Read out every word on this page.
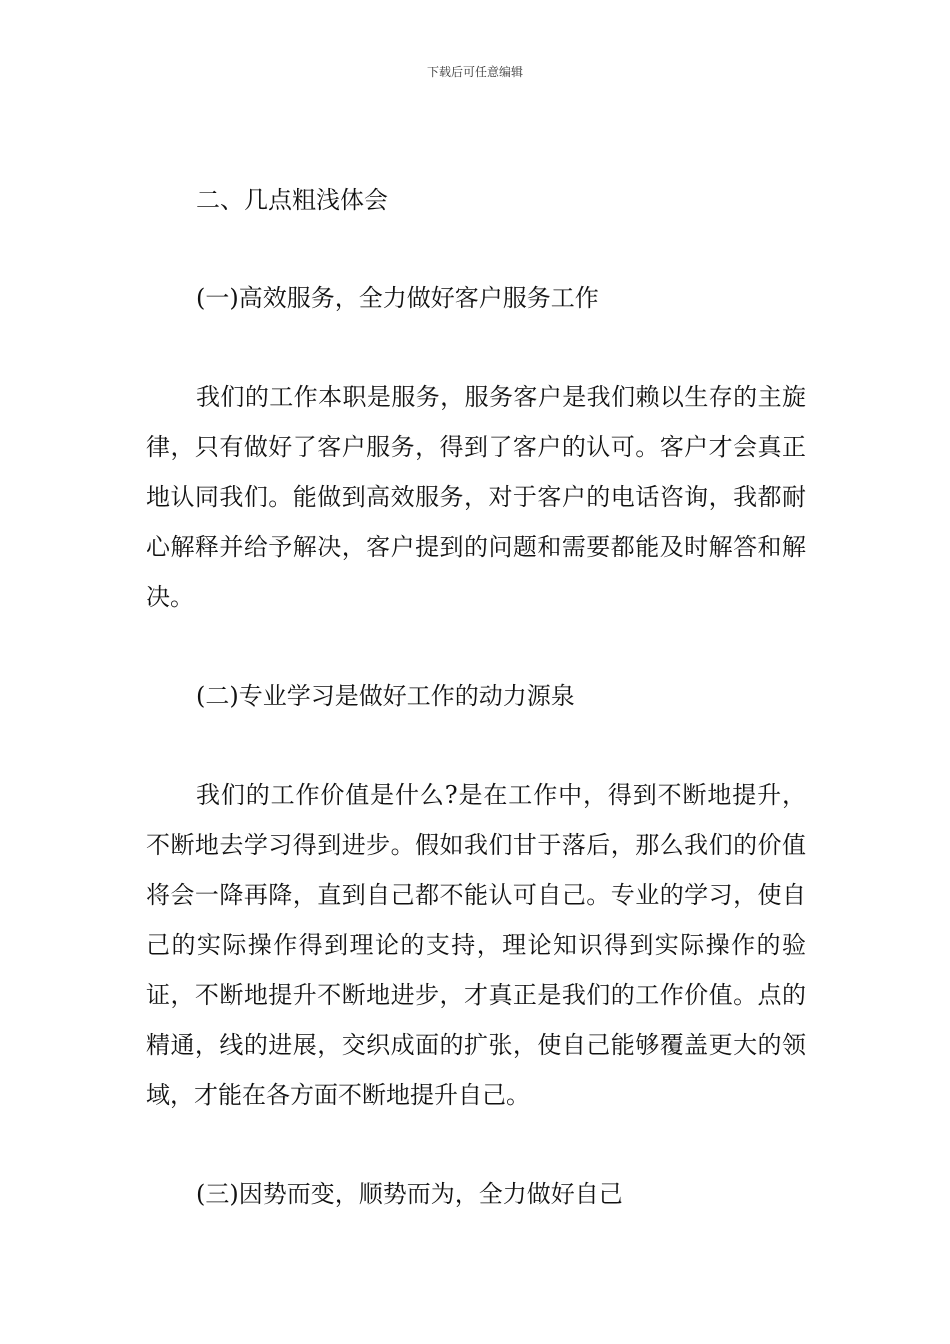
下载后可任意编辑
二、几点粗浅体会
(一)高效服务，全力做好客户服务工作

我们的工作本职是服务，服务客户是我们赖以生存的主旋律，只有做好了客户服务，得到了客户的认可。客户才会真正地认同我们。能做到高效服务，对于客户的电话咨询，我都耐心解释并给予解决，客户提到的问题和需要都能及时解答和解决。

(二)专业学习是做好工作的动力源泉

我们的工作价值是什么?是在工作中，得到不断地提升，不断地去学习得到进步。假如我们甘于落后，那么我们的价值将会一降再降，直到自己都不能认可自己。专业的学习，使自己的实际操作得到理论的支持，理论知识得到实际操作的验证，不断地提升不断地进步，才真正是我们的工作价值。点的精通，线的进展，交织成面的扩张，使自己能够覆盖更大的领域，才能在各方面不断地提升自己。

(三)因势而变，顺势而为，全力做好自己
